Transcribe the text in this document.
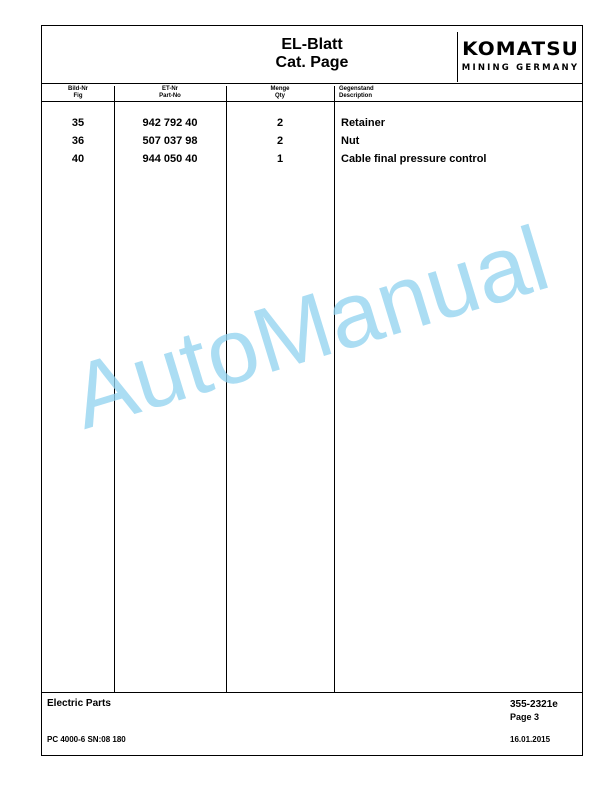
EL-Blatt
Cat. Page
KOMATSU
MINING GERMANY
Bild-Nr
Fig
ET-Nr
Part-No
Menge
Qty
Gegenstand
Description
35	942 792 40	2	Retainer
36	507 037 98	2	Nut
40	944 050 40	1	Cable final pressure control
Electric Parts	355-2321e
Page 3
PC 4000-6 SN:08 180	16.01.2015
AutoManual
